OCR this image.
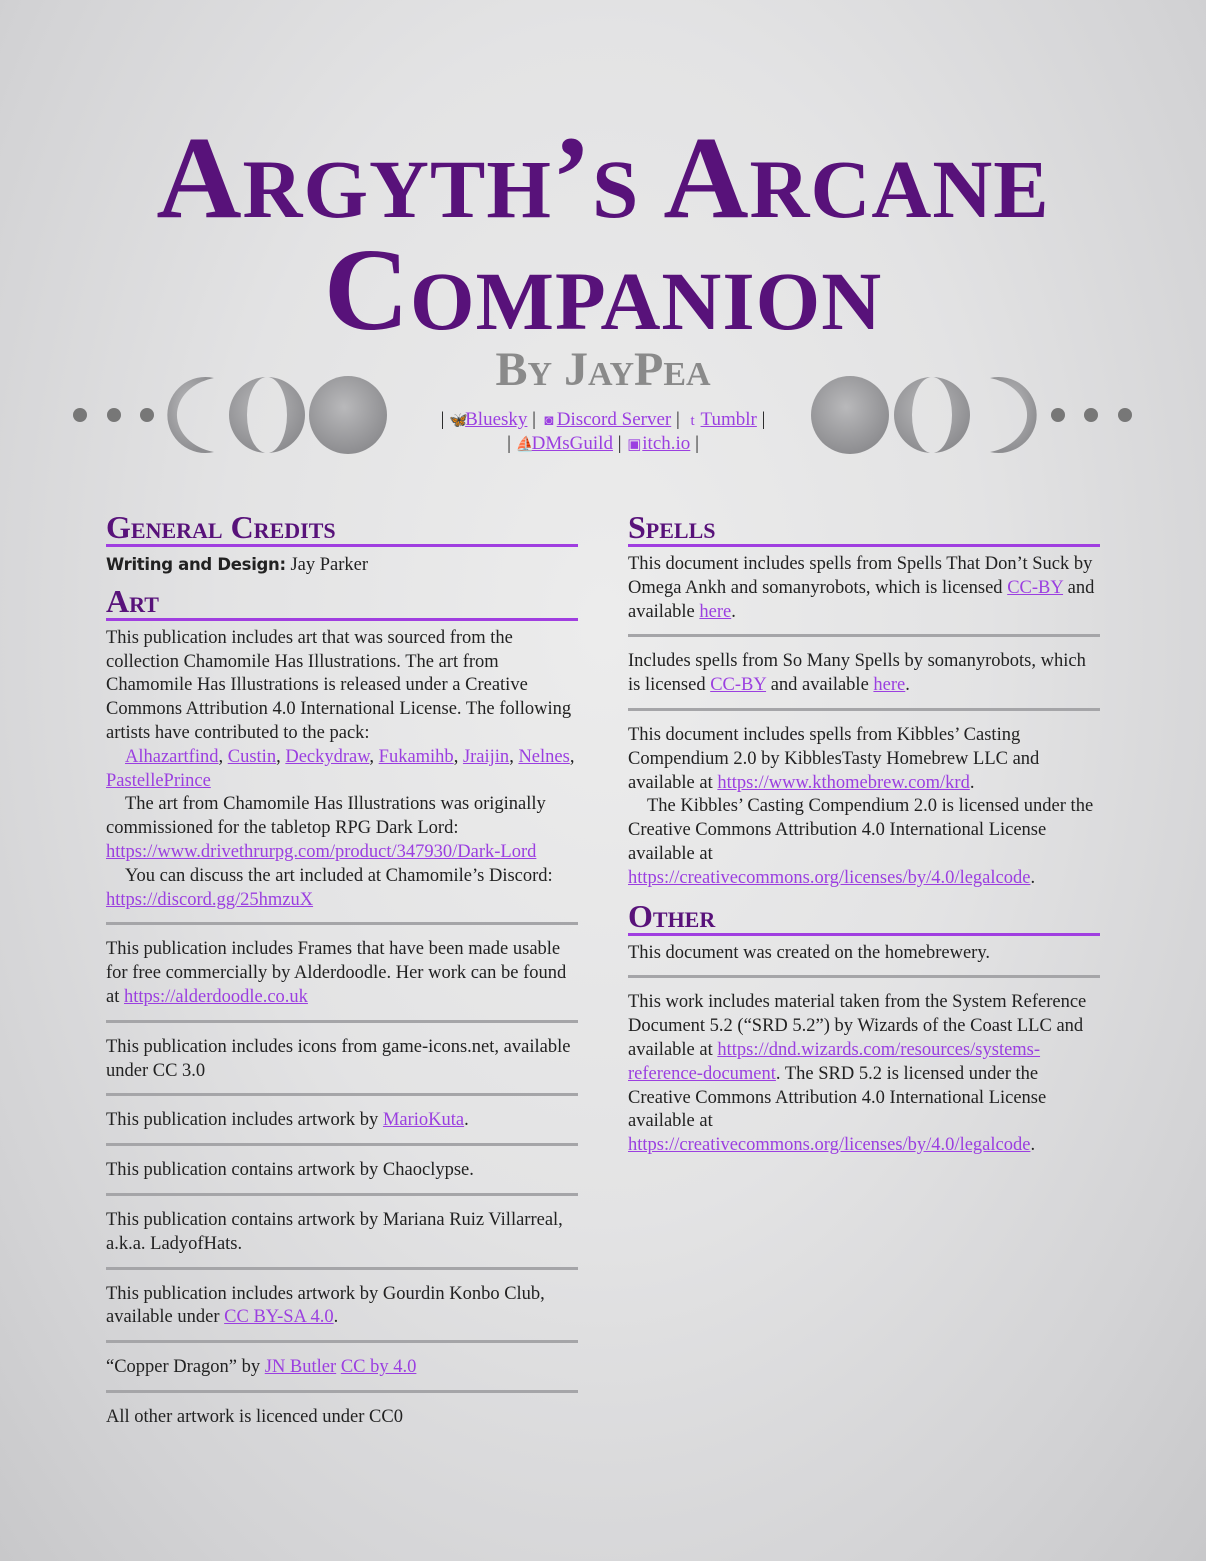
Argyth’s Arcane
Companion
By JayPea
| 🦋Bluesky | ◙ Discord Server | t Tumblr |
| ⛵DMsGuild | ▣itch.io |
General Credits

Writing and Design: Jay Parker

Art

This publication includes art that was sourced from the collection Chamomile Has Illustrations. The art from Chamomile Has Illustrations is released under a Creative Commons Attribution 4.0 International License. The following artists have contributed to the pack:

Alhazartfind, Custin, Deckydraw, Fukamihb, Jraijin, Nelnes, PastellePrince

The art from Chamomile Has Illustrations was originally commissioned for the tabletop RPG Dark Lord: https://www.drivethrurpg.com/product/347930/Dark-Lord

You can discuss the art included at Chamomile’s Discord: https://discord.gg/25hmzuX

This publication includes Frames that have been made usable for free commercially by Alderdoodle. Her work can be found at https://alderdoodle.co.uk

This publication includes icons from game-icons.net, available under CC 3.0

This publication includes artwork by MarioKuta.

This publication contains artwork by Chaoclypse.

This publication contains artwork by Mariana Ruiz Villarreal, a.k.a. LadyofHats.

This publication includes artwork by Gourdin Konbo Club, available under CC BY-SA 4.0.

“Copper Dragon” by JN Butler CC by 4.0

All other artwork is licenced under CC0

Spells

This document includes spells from Spells That Don’t Suck by Omega Ankh and somanyrobots, which is licensed CC-BY and available here.

Includes spells from So Many Spells by somanyrobots, which is licensed CC-BY and available here.

This document includes spells from Kibbles’ Casting Compendium 2.0 by KibblesTasty Homebrew LLC and available at https://www.kthomebrew.com/krd.

The Kibbles’ Casting Compendium 2.0 is licensed under the Creative Commons Attribution 4.0 International License available at https://creativecommons.org/licenses/by/4.0/legalcode.

Other

This document was created on the homebrewery.

This work includes material taken from the System Reference Document 5.2 (“SRD 5.2”) by Wizards of the Coast LLC and available at https://dnd.wizards.com/resources/systems-reference-document. The SRD 5.2 is licensed under the Creative Commons Attribution 4.0 International License available at https://creativecommons.org/licenses/by/4.0/legalcode.
